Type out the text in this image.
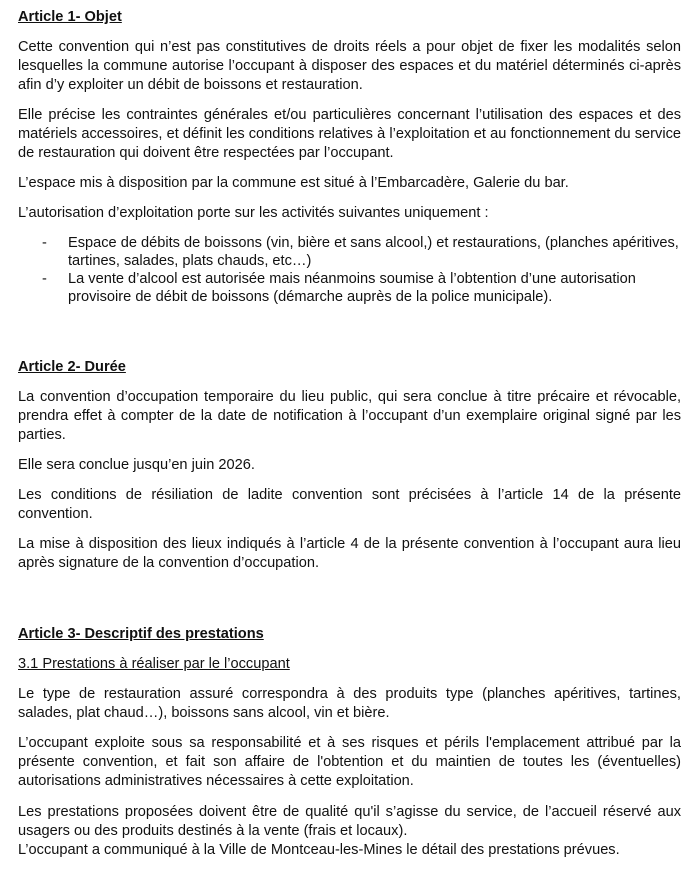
Article 1- Objet

Cette convention qui n’est pas constitutives de droits réels a pour objet de fixer les modalités selon lesquelles la commune autorise l’occupant à disposer des espaces et du matériel déterminés ci-après afin d’y exploiter un débit de boissons et restauration.

Elle précise les contraintes générales et/ou particulières concernant l’utilisation des espaces et des matériels accessoires, et définit les conditions relatives à l’exploitation et au fonctionnement du service de restauration qui doivent être respectées par l’occupant.

L’espace mis à disposition par la commune est situé à l’Embarcadère, Galerie du bar.

L’autorisation d’exploitation porte sur les activités suivantes uniquement :

- Espace de débits de boissons (vin, bière et sans alcool,) et restaurations, (planches apéritives, tartines, salades, plats chauds, etc…)
- La vente d’alcool est autorisée mais néanmoins soumise à l’obtention d’une autorisation provisoire de débit de boissons (démarche auprès de la police municipale).
Article 2- Durée

La convention d’occupation temporaire du lieu public, qui sera conclue à titre précaire et révocable, prendra effet à compter de la date de notification à l’occupant d’un exemplaire original signé par les parties.

Elle sera conclue jusqu’en juin 2026.

Les conditions de résiliation de ladite convention sont précisées à l’article 14 de la présente convention.

La mise à disposition des lieux indiqués à l’article 4 de la présente convention à l’occupant aura lieu après signature de la convention d’occupation.

Article 3- Descriptif des prestations
3.1 Prestations à réaliser par le l’occupant

Le type de restauration assuré correspondra à des produits type (planches apéritives, tartines, salades, plat chaud…), boissons sans alcool, vin et bière.

L’occupant exploite sous sa responsabilité et à ses risques et périls l'emplacement attribué par la présente convention, et fait son affaire de l'obtention et du maintien de toutes les (éventuelles) autorisations administratives nécessaires à cette exploitation.

Les prestations proposées doivent être de qualité qu'il s’agisse du service, de l’accueil réservé aux usagers ou des produits destinés à la vente (frais et locaux).

L’occupant a communiqué à la Ville de Montceau-les-Mines le détail des prestations prévues.
